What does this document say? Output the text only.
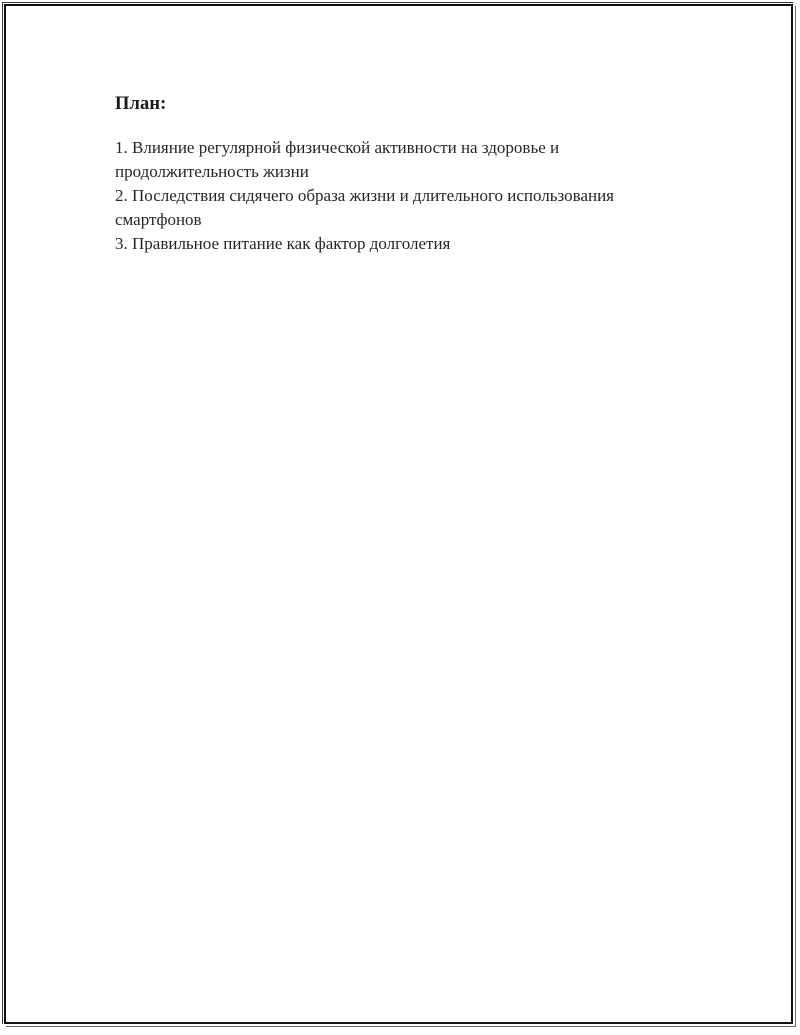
План:

1. Влияние регулярной физической активности на здоровье и продолжительность жизни
2. Последствия сидячего образа жизни и длительного использования смартфонов
3. Правильное питание как фактор долголетия
